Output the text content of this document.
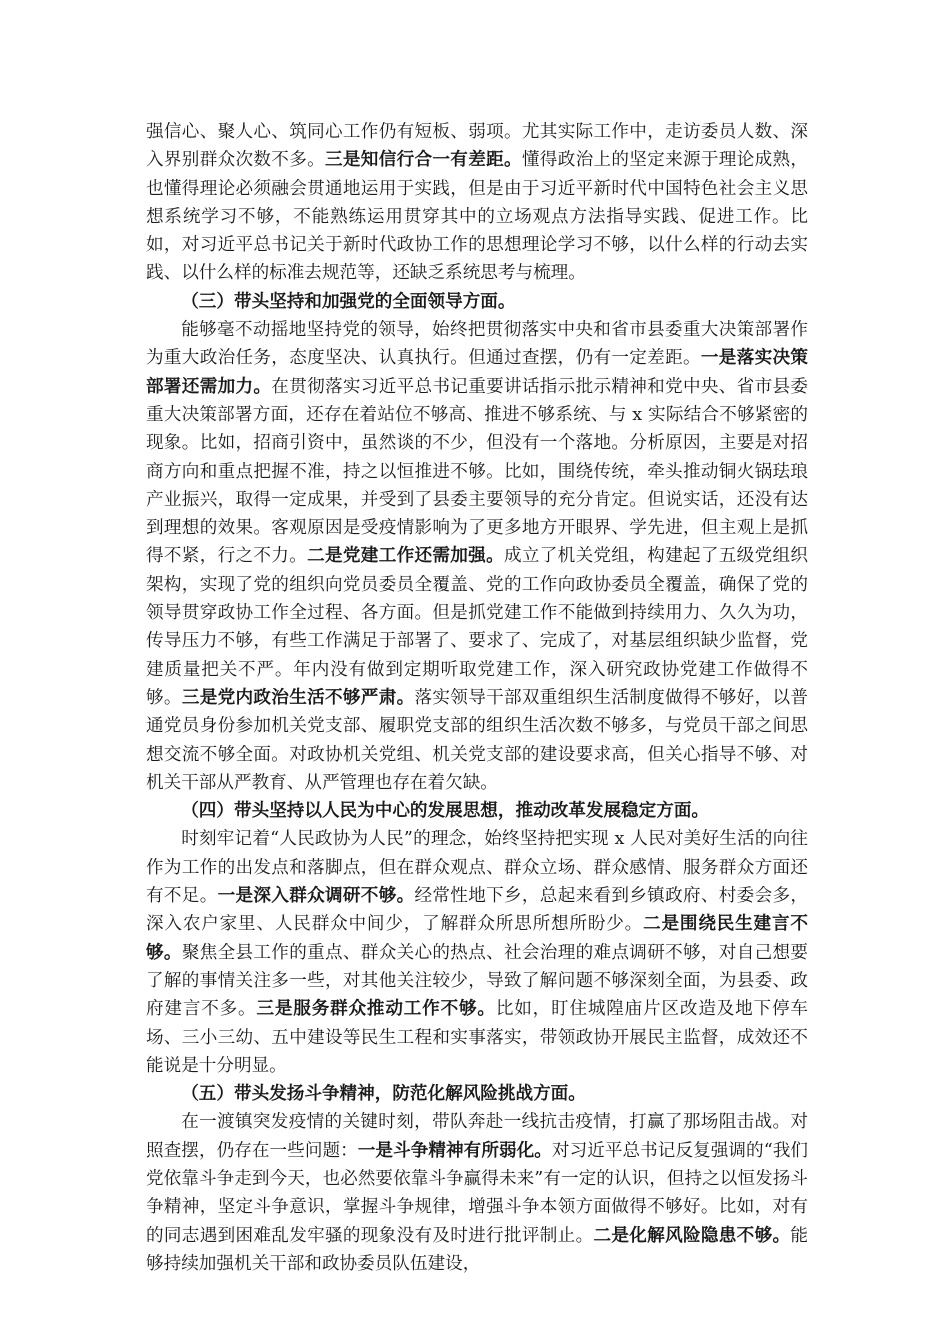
强信心、聚人心、筑同心工作仍有短板、弱项。尤其实际工作中，走访委员人数、深入界别群众次数不多。三是知信行合一有差距。懂得政治上的坚定来源于理论成熟，也懂得理论必须融会贯通地运用于实践，但是由于习近平新时代中国特色社会主义思想系统学习不够，不能熟练运用贯穿其中的立场观点方法指导实践、促进工作。比如，对习近平总书记关于新时代政协工作的思想理论学习不够，以什么样的行动去实践、以什么样的标准去规范等，还缺乏系统思考与梳理。

（三）带头坚持和加强党的全面领导方面。

能够毫不动摇地坚持党的领导，始终把贯彻落实中央和省市县委重大决策部署作为重大政治任务，态度坚决、认真执行。但通过查摆，仍有一定差距。一是落实决策部署还需加力。在贯彻落实习近平总书记重要讲话指示批示精神和党中央、省市县委重大决策部署方面，还存在着站位不够高、推进不够系统、与 x 实际结合不够紧密的现象。比如，招商引资中，虽然谈的不少，但没有一个落地。分析原因，主要是对招商方向和重点把握不准，持之以恒推进不够。比如，围绕传统，牵头推动铜火锅珐琅产业振兴，取得一定成果，并受到了县委主要领导的充分肯定。但说实话，还没有达到理想的效果。客观原因是受疫情影响为了更多地方开眼界、学先进，但主观上是抓得不紧，行之不力。二是党建工作还需加强。成立了机关党组，构建起了五级党组织架构，实现了党的组织向党员委员全覆盖、党的工作向政协委员全覆盖，确保了党的领导贯穿政协工作全过程、各方面。但是抓党建工作不能做到持续用力、久久为功，传导压力不够，有些工作满足于部署了、要求了、完成了，对基层组织缺少监督，党建质量把关不严。年内没有做到定期听取党建工作，深入研究政协党建工作做得不够。三是党内政治生活不够严肃。落实领导干部双重组织生活制度做得不够好，以普通党员身份参加机关党支部、履职党支部的组织生活次数不够多，与党员干部之间思想交流不够全面。对政协机关党组、机关党支部的建设要求高，但关心指导不够、对机关干部从严教育、从严管理也存在着欠缺。

（四）带头坚持以人民为中心的发展思想，推动改革发展稳定方面。

时刻牢记着“人民政协为人民”的理念，始终坚持把实现 x 人民对美好生活的向往作为工作的出发点和落脚点，但在群众观点、群众立场、群众感情、服务群众方面还有不足。一是深入群众调研不够。经常性地下乡，总起来看到乡镇政府、村委会多，深入农户家里、人民群众中间少，了解群众所思所想所盼少。二是围绕民生建言不够。聚焦全县工作的重点、群众关心的热点、社会治理的难点调研不够，对自己想要了解的事情关注多一些，对其他关注较少，导致了解问题不够深刻全面，为县委、政府建言不多。三是服务群众推动工作不够。比如，盯住城隍庙片区改造及地下停车场、三小三幼、五中建设等民生工程和实事落实，带领政协开展民主监督，成效还不能说是十分明显。

（五）带头发扬斗争精神，防范化解风险挑战方面。

在一渡镇突发疫情的关键时刻，带队奔赴一线抗击疫情，打赢了那场阻击战。对照查摆，仍存在一些问题：一是斗争精神有所弱化。对习近平总书记反复强调的“我们党依靠斗争走到今天，也必然要依靠斗争赢得未来”有一定的认识，但持之以恒发扬斗争精神，坚定斗争意识，掌握斗争规律，增强斗争本领方面做得不够好。比如，对有的同志遇到困难乱发牢骚的现象没有及时进行批评制止。二是化解风险隐患不够。能够持续加强机关干部和政协委员队伍建设，
